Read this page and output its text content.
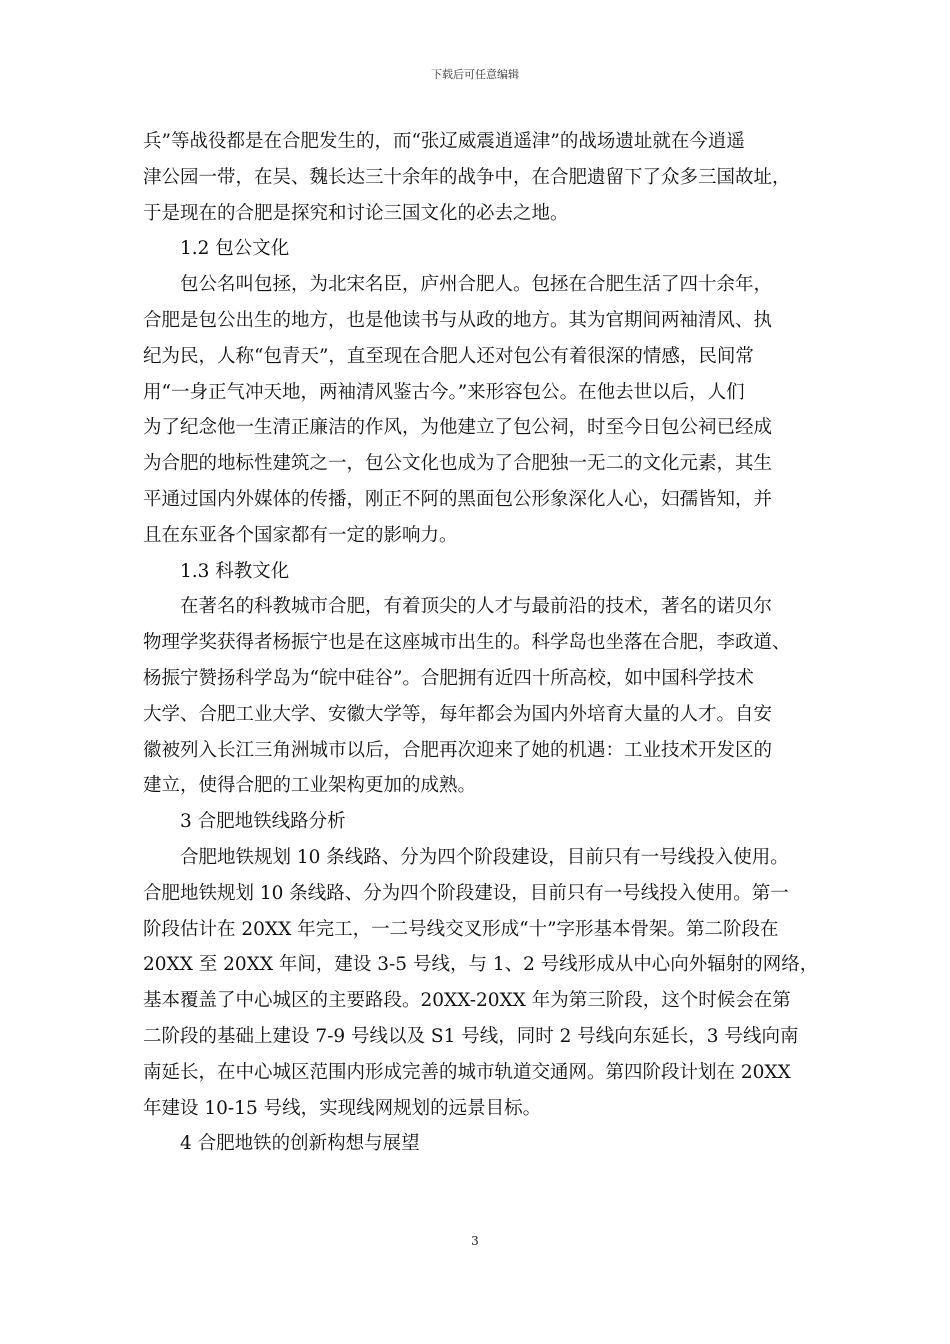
下载后可任意编辑
兵”等战役都是在合肥发生的，而“张辽威震逍遥津”的战场遗址就在今逍遥
津公园一带，在吴、魏长达三十余年的战争中，在合肥遗留下了众多三国故址，
于是现在的合肥是探究和讨论三国文化的必去之地。
1.2 包公文化
包公名叫包拯，为北宋名臣，庐州合肥人。包拯在合肥生活了四十余年，
合肥是包公出生的地方，也是他读书与从政的地方。其为官期间两袖清风、执
纪为民，人称“包青天”，直至现在合肥人还对包公有着很深的情感，民间常
用“一身正气冲天地，两袖清风鉴古今。”来形容包公。在他去世以后，人们
为了纪念他一生清正廉洁的作风，为他建立了包公祠，时至今日包公祠已经成
为合肥的地标性建筑之一，包公文化也成为了合肥独一无二的文化元素，其生
平通过国内外媒体的传播，刚正不阿的黑面包公形象深化人心，妇孺皆知，并
且在东亚各个国家都有一定的影响力。
1.3 科教文化
在著名的科教城市合肥，有着顶尖的人才与最前沿的技术，著名的诺贝尔
物理学奖获得者杨振宁也是在这座城市出生的。科学岛也坐落在合肥，李政道、
杨振宁赞扬科学岛为“皖中硅谷”。合肥拥有近四十所高校，如中国科学技术
大学、合肥工业大学、安徽大学等，每年都会为国内外培育大量的人才。自安
徽被列入长江三角洲城市以后，合肥再次迎来了她的机遇：工业技术开发区的
建立，使得合肥的工业架构更加的成熟。
3 合肥地铁线路分析
合肥地铁规划 10 条线路、分为四个阶段建设，目前只有一号线投入使用。
合肥地铁规划 10 条线路、分为四个阶段建设，目前只有一号线投入使用。第一
阶段估计在 20XX 年完工，一二号线交叉形成“十”字形基本骨架。第二阶段在
20XX 至 20XX 年间，建设 3-5 号线，与 1、2 号线形成从中心向外辐射的网络，
基本覆盖了中心城区的主要路段。20XX-20XX 年为第三阶段，这个时候会在第
二阶段的基础上建设 7-9 号线以及 S1 号线，同时 2 号线向东延长，3 号线向南
南延长，在中心城区范围内形成完善的城市轨道交通网。第四阶段计划在 20XX
年建设 10-15 号线，实现线网规划的远景目标。
4 合肥地铁的创新构想与展望
3
